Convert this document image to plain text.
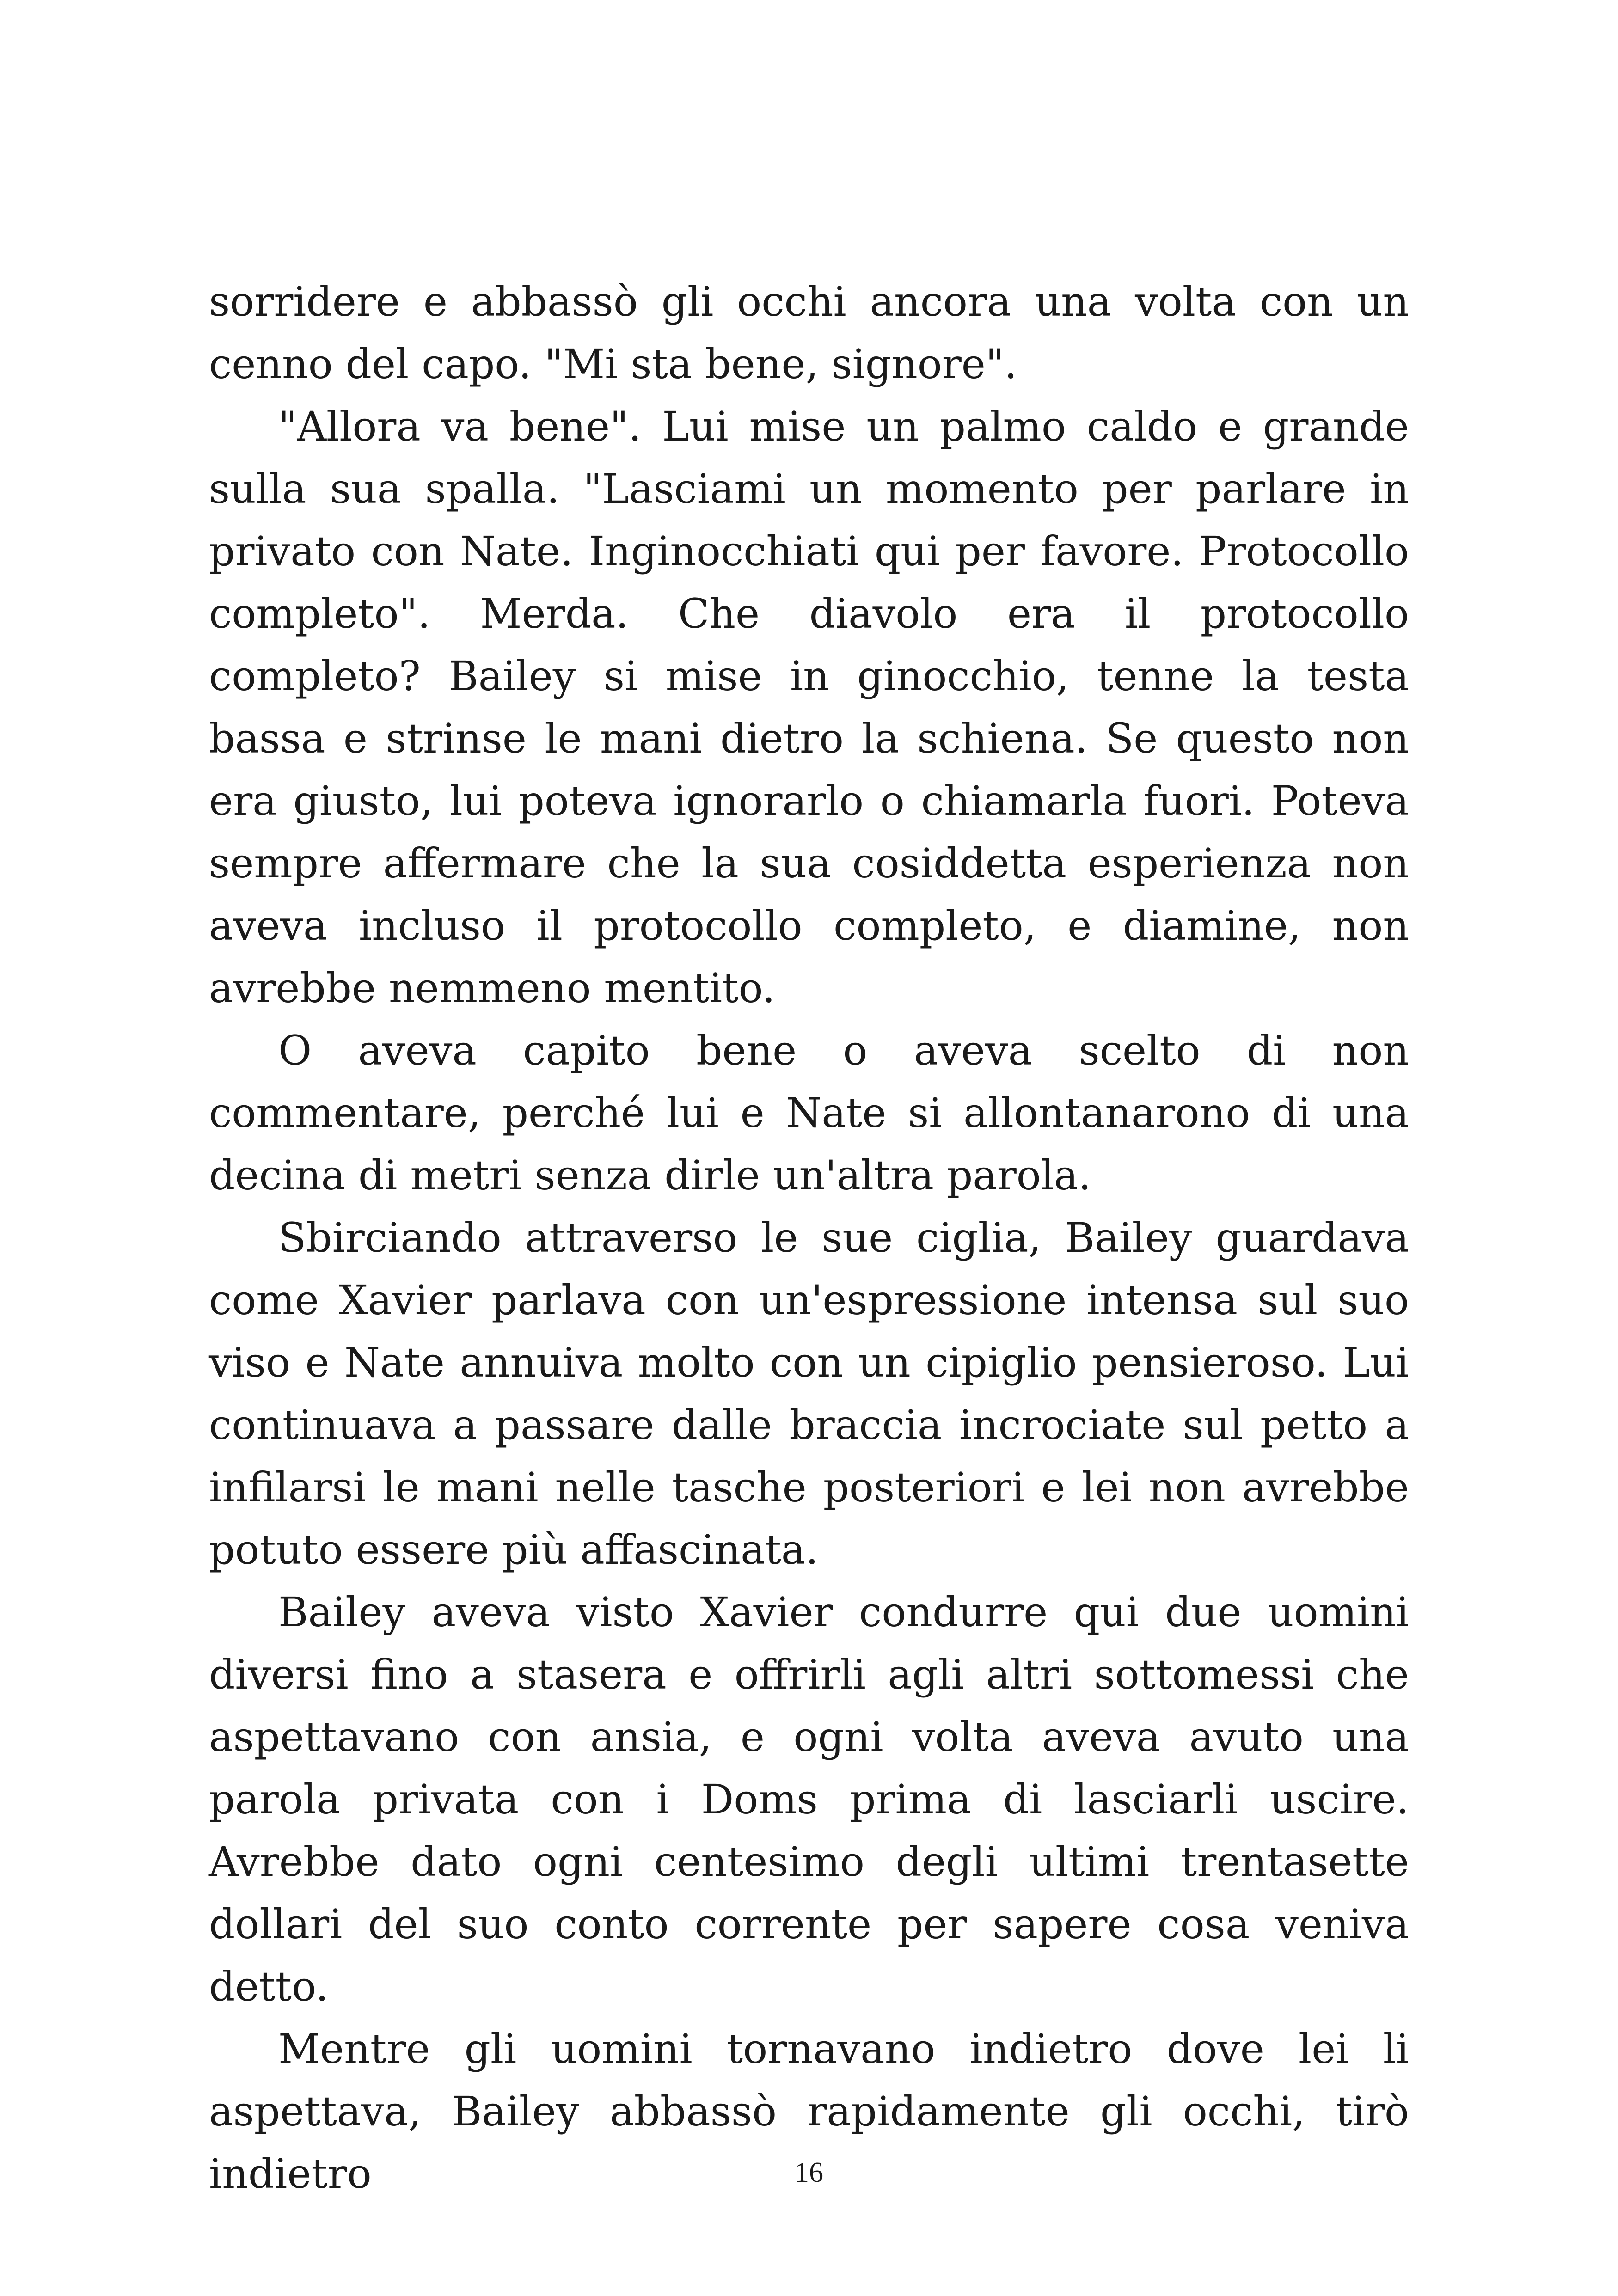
sorridere e abbassò gli occhi ancora una volta con un cenno del capo. "Mi sta bene, signore".

"Allora va bene". Lui mise un palmo caldo e grande sulla sua spalla. "Lasciami un momento per parlare in privato con Nate. Inginocchiati qui per favore. Protocollo completo". Merda. Che diavolo era il protocollo completo? Bailey si mise in ginocchio, tenne la testa bassa e strinse le mani dietro la schiena. Se questo non era giusto, lui poteva ignorarlo o chiamarla fuori. Poteva sempre affermare che la sua cosiddetta esperienza non aveva incluso il protocollo completo, e diamine, non avrebbe nemmeno mentito.

O aveva capito bene o aveva scelto di non commentare, perché lui e Nate si allontanarono di una decina di metri senza dirle un'altra parola.

Sbirciando attraverso le sue ciglia, Bailey guardava come Xavier parlava con un'espressione intensa sul suo viso e Nate annuiva molto con un cipiglio pensieroso. Lui continuava a passare dalle braccia incrociate sul petto a infilarsi le mani nelle tasche posteriori e lei non avrebbe potuto essere più affascinata.

Bailey aveva visto Xavier condurre qui due uomini diversi fino a stasera e offrirli agli altri sottomessi che aspettavano con ansia, e ogni volta aveva avuto una parola privata con i Doms prima di lasciarli uscire. Avrebbe dato ogni centesimo degli ultimi trentasette dollari del suo conto corrente per sapere cosa veniva detto.

Mentre gli uomini tornavano indietro dove lei li aspettava, Bailey abbassò rapidamente gli occhi, tirò indietro	16
